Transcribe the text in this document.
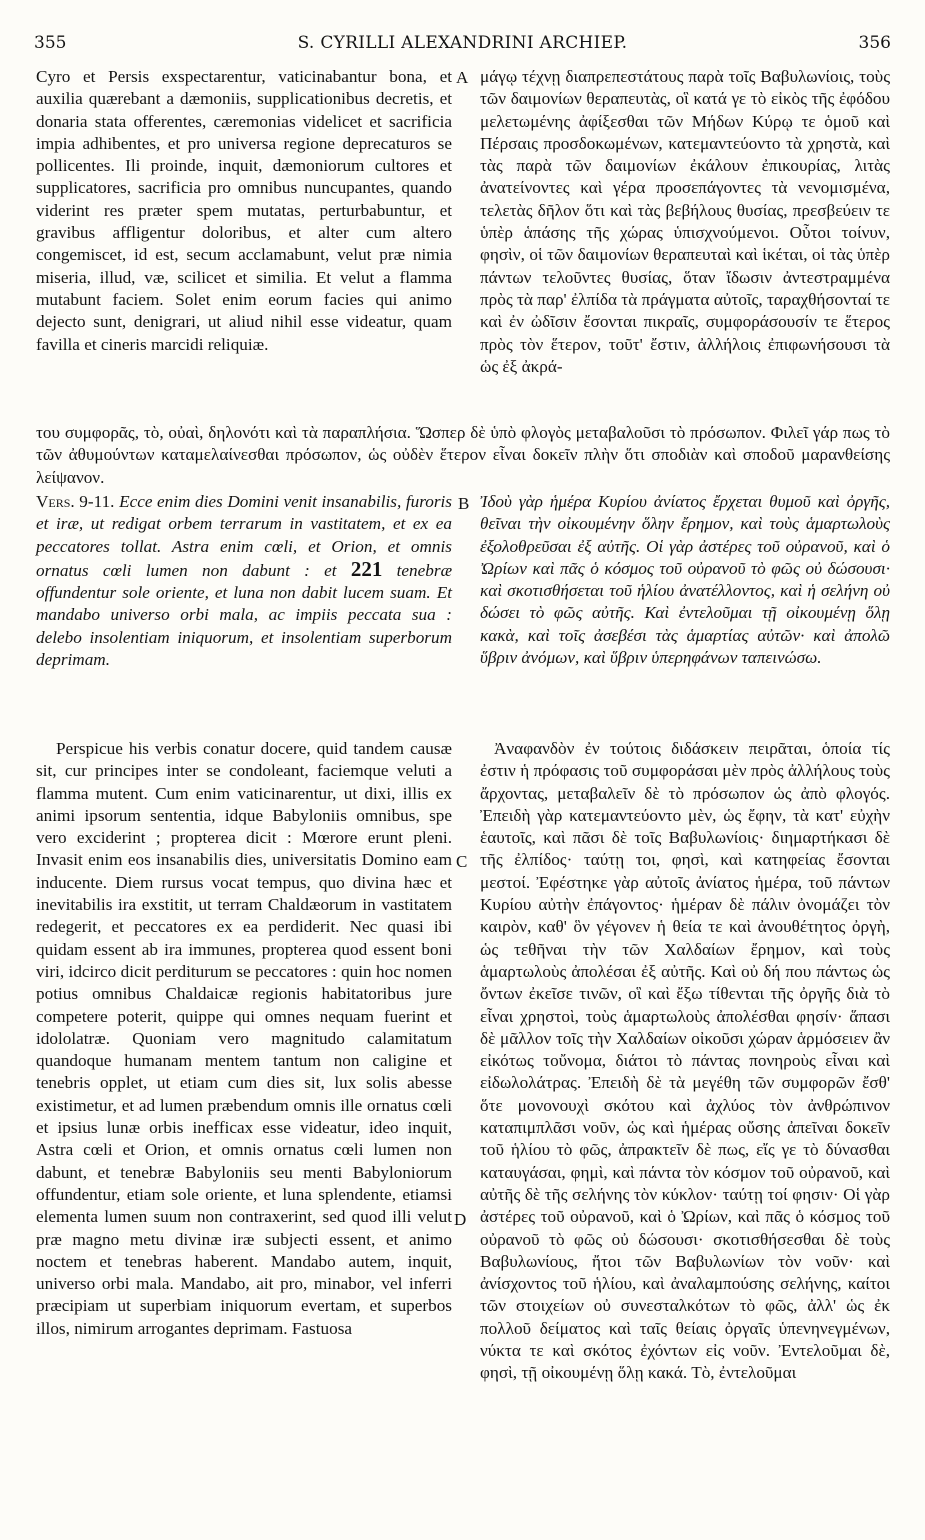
355	S. CYRILLI ALEXANDRINI ARCHIEP.	356

Cyro et Persis exspectarentur, vaticinabantur bona, et auxilia quærebant a dæmoniis, supplicationibus decretis, et donaria stata offerentes, cæremonias videlicet et sacrificia impia adhibentes, et pro universa regione deprecaturos se pollicentes. Ili proinde, inquit, dæmoniorum cultores et supplicatores, sacrificia pro omnibus nuncupantes, quando viderint res præter spem mutatas, perturbabuntur, et gravibus affligentur doloribus, et alter cum altero congemiscet, id est, secum acclamabunt, velut præ nimia miseria, illud, væ, scilicet et similia. Et velut a flamma mutabunt faciem. Solet enim eorum facies qui animo dejecto sunt, denigrari, ut aliud nihil esse videatur, quam favilla et cineris marcidi reliquiæ.

A μάγῳ τέχνῃ διαπρεπεστάτους παρὰ τοῖς Βαβυλωνίοις, τοὺς τῶν δαιμονίων θεραπευτὰς, οἳ κατά γε τὸ εἰκὸς τῆς ἐφόδου μελετωμένης ἀφίξεσθαι τῶν Μήδων Κύρῳ τε ὁμοῦ καὶ Πέρσαις προσδοκωμένων, κατεμαντεύοντο τὰ χρηστὰ, καὶ τὰς παρὰ τῶν δαιμονίων ἐκάλουν ἐπικουρίας, λιτὰς ἀνατείνοντες καὶ γέρα προσεπάγοντες τὰ νενομισμένα, τελετὰς δῆλον ὅτι καὶ τὰς βεβήλους θυσίας, πρεσβεύειν τε ὑπὲρ ἁπάσης τῆς χώρας ὑπισχνούμενοι. Οὗτοι τοίνυν, φησὶν, οἱ τῶν δαιμονίων θεραπευταὶ καὶ ἱκέται, οἱ τὰς ὑπὲρ πάντων τελοῦντες θυσίας, ὅταν ἴδωσιν ἀντεστραμμένα πρὸς τὰ παρ' ἐλπίδα τὰ πράγματα αὐτοῖς, ταραχθήσονταί τε καὶ ἐν ὠδῖσιν ἔσονται πικραῖς, συμφοράσουσίν τε ἕτερος πρὸς τὸν ἕτερον, τοῦτ' ἔστιν, ἀλλήλοις ἐπιφωνήσουσι τὰ ὡς ἐξ ἀκρά-

του συμφορᾶς, τὸ, οὐαὶ, δηλονότι καὶ τὰ παραπλήσια. Ὥσπερ δὲ ὑπὸ φλογὸς μεταβαλοῦσι τὸ πρόσωπον. Φιλεῖ γάρ πως τὸ τῶν ἀθυμούντων καταμελαίνεσθαι πρόσωπον, ὡς οὐδὲν ἕτερον εἶναι δοκεῖν πλὴν ὅτι σποδιὰν καὶ σποδοῦ μαρανθείσης λείψανον.

Vers. 9-11. Ecce enim dies Domini venit insanabilis, furoris et iræ, ut redigat orbem terrarum in vastitatem, et ex ea peccatores tollat. Astra enim cœli, et Orion, et omnis ornatus cœli lumen non dabunt : et 221 tenebræ offundentur sole oriente, et luna non dabit lucem suam. Et mandabo universo orbi mala, ac impiis peccata sua : delebo insolentiam iniquorum, et insolentiam superborum deprimam.

B Ἰδοὺ γὰρ ἡμέρα Κυρίου ἀνίατος ἔρχεται θυμοῦ καὶ ὀργῆς, θεῖναι τὴν οἰκουμένην ὅλην ἔρημον, καὶ τοὺς ἁμαρτωλοὺς ἐξολοθρεῦσαι ἐξ αὐτῆς. Οἱ γὰρ ἀστέρες τοῦ οὐρανοῦ, καὶ ὁ Ὠρίων καὶ πᾶς ὁ κόσμος τοῦ οὐρανοῦ τὸ φῶς οὐ δώσουσι· καὶ σκοτισθήσεται τοῦ ἡλίου ἀνατέλλοντος, καὶ ἡ σελήνη οὐ δώσει τὸ φῶς αὐτῆς. Καὶ ἐντελοῦμαι τῇ οἰκουμένῃ ὅλῃ κακὰ, καὶ τοῖς ἀσεβέσι τὰς ἁμαρτίας αὐτῶν· καὶ ἀπολῶ ὕβριν ἀνόμων, καὶ ὕβριν ὑπερηφάνων ταπεινώσω.

Perspicue his verbis conatur docere, quid tandem causæ sit, cur principes inter se condoleant, faciemque veluti a flamma mutent. Cum enim vaticinarentur, ut dixi, illis ex animi ipsorum sententia, idque Babyloniis omnibus, spe vero exciderint ; propterea dicit : Mœrore erunt pleni. Invasit enim eos insanabilis dies, universitatis Domino eam inducente. Diem rursus vocat tempus, quo divina hæc et inevitabilis ira exstitit, ut terram Chaldæorum in vastitatem redegerit, et peccatores ex ea perdiderit. Nec quasi ibi quidam essent ab ira immunes, propterea quod essent boni viri, idcirco dicit perditurum se peccatores : quin hoc nomen potius omnibus Chaldaicæ regionis habitatoribus jure competere poterit, quippe qui omnes nequam fuerint et idololatræ. Quoniam vero magnitudo calamitatum quandoque humanam mentem tantum non caligine et tenebris opplet, ut etiam cum dies sit, lux solis abesse existimetur, et ad lumen præbendum omnis ille ornatus cœli et ipsius lunæ orbis inefficax esse videatur, ideo inquit, Astra cœli et Orion, et omnis ornatus cœli lumen non dabunt, et tenebræ Babyloniis seu menti Babyloniorum offundentur, etiam sole oriente, et luna splendente, etiamsi elementa lumen suum non contraxerint, sed quod illi velut præ magno metu divinæ iræ subjecti essent, et animo noctem et tenebras haberent. Mandabo autem, inquit, universo orbi mala. Mandabo, ait pro, minabor, vel inferri præcipiam ut superbiam iniquorum evertam, et superbos illos, nimirum arrogantes deprimam. Fastuosa

C
D

Ἀναφανδὸν ἐν τούτοις διδάσκειν πειρᾶται, ὁποία τίς ἐστιν ἡ πρόφασις τοῦ συμφοράσαι μὲν πρὸς ἀλλήλους τοὺς ἄρχοντας, μεταβαλεῖν δὲ τὸ πρόσωπον ὡς ἀπὸ φλογός. Ἐπειδὴ γὰρ κατεμαντεύοντο μὲν, ὡς ἔφην, τὰ κατ' εὐχὴν ἑαυτοῖς, καὶ πᾶσι δὲ τοῖς Βαβυλωνίοις· διημαρτήκασι δὲ τῆς ἐλπίδος· ταύτῃ τοι, φησὶ, καὶ κατηφείας ἔσονται μεστοί. Ἐφέστηκε γὰρ αὐτοῖς ἀνίατος ἡμέρα, τοῦ πάντων Κυρίου αὐτὴν ἐπάγοντος· ἡμέραν δὲ πάλιν ὀνομάζει τὸν καιρὸν, καθ' ὃν γέγονεν ἡ θεία τε καὶ ἀνουθέτητος ὀργὴ, ὡς τεθῆναι τὴν τῶν Χαλδαίων ἔρημον, καὶ τοὺς ἁμαρτωλοὺς ἀπολέσαι ἐξ αὐτῆς. Καὶ οὐ δή που πάντως ὡς ὄντων ἐκεῖσε τινῶν, οἳ καὶ ἔξω τίθενται τῆς ὀργῆς διὰ τὸ εἶναι χρηστοὶ, τοὺς ἁμαρτωλοὺς ἀπολέσθαι φησίν· ἅπασι δὲ μᾶλλον τοῖς τὴν Χαλδαίων οἰκοῦσι χώραν ἁρμόσειεν ἂν εἰκότως τοὔνομα, διάτοι τὸ πάντας πονηροὺς εἶναι καὶ εἰδωλολάτρας. Ἐπειδὴ δὲ τὰ μεγέθη τῶν συμφορῶν ἔσθ' ὅτε μονονουχὶ σκότου καὶ ἀχλύος τὸν ἀνθρώπινον καταπιμπλᾶσι νοῦν, ὡς καὶ ἡμέρας οὔσης ἀπεῖναι δοκεῖν τοῦ ἡλίου τὸ φῶς, ἀπρακτεῖν δὲ πως, εἴς γε τὸ δύνασθαι καταυγάσαι, φημὶ, καὶ πάντα τὸν κόσμον τοῦ οὐρανοῦ, καὶ αὐτῆς δὲ τῆς σελήνης τὸν κύκλον· ταύτῃ τοί φησιν· Οἱ γὰρ ἀστέρες τοῦ οὐρανοῦ, καὶ ὁ Ὠρίων, καὶ πᾶς ὁ κόσμος τοῦ οὐρανοῦ τὸ φῶς οὐ δώσουσι· σκοτισθήσεσθαι δὲ τοὺς Βαβυλωνίους, ἤτοι τῶν Βαβυλωνίων τὸν νοῦν· καὶ ἀνίσχοντος τοῦ ἡλίου, καὶ ἀναλαμπούσης σελήνης, καίτοι τῶν στοιχείων οὐ συνεσταλκότων τὸ φῶς, ἀλλ' ὡς ἐκ πολλοῦ δείματος καὶ ταῖς θείαις ὀργαῖς ὑπενηνεγμένων, νύκτα τε καὶ σκότος ἐχόντων εἰς νοῦν. Ἐντελοῦμαι δὲ, φησὶ, τῇ οἰκουμένῃ ὅλῃ κακά. Τὸ, ἐντελοῦμαι
